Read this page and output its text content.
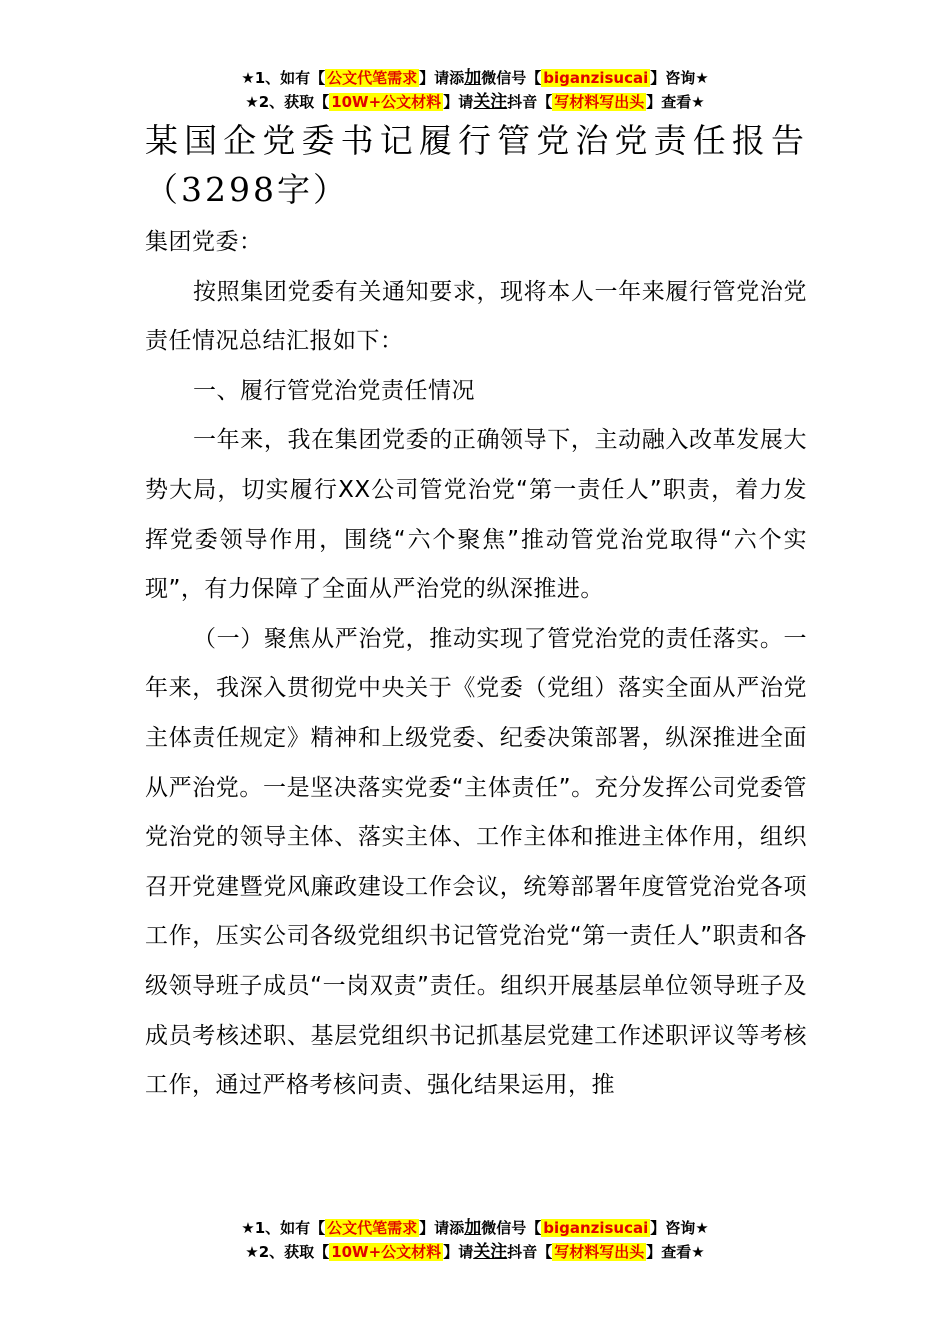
★1、如有【 公文代笔需求 】请添加微信号【 biganzisucai 】咨询★
★2、获取【 10W+公文材料 】请关注抖音【 写材料写出头 】查看★
某国企党委书记履行管党治党责任报告（3298字）

集团党委：

按照集团党委有关通知要求，现将本人一年来履行管党治党责任情况总结汇报如下：

一、履行管党治党责任情况

一年来，我在集团党委的正确领导下，主动融入改革发展大势大局，切实履行XX公司管党治党“第一责任人”职责，着力发挥党委领导作用，围绕“六个聚焦”推动管党治党取得“六个实现”，有力保障了全面从严治党的纵深推进。

（一）聚焦从严治党，推动实现了管党治党的责任落实。一年来，我深入贯彻党中央关于《党委（党组）落实全面从严治党主体责任规定》精神和上级党委、纪委决策部署，纵深推进全面从严治党。一是坚决落实党委“主体责任”。充分发挥公司党委管党治党的领导主体、落实主体、工作主体和推进主体作用，组织召开党建暨党风廉政建设工作会议，统筹部署年度管党治党各项工作，压实公司各级党组织书记管党治党“第一责任人”职责和各级领导班子成员“一岗双责”责任。组织开展基层单位领导班子及成员考核述职、基层党组织书记抓基层党建工作述职评议等考核工作，通过严格考核问责、强化结果运用，推

★1、如有【 公文代笔需求 】请添加微信号【 biganzisucai 】咨询★
★2、获取【 10W+公文材料 】请关注抖音【 写材料写出头 】查看★
